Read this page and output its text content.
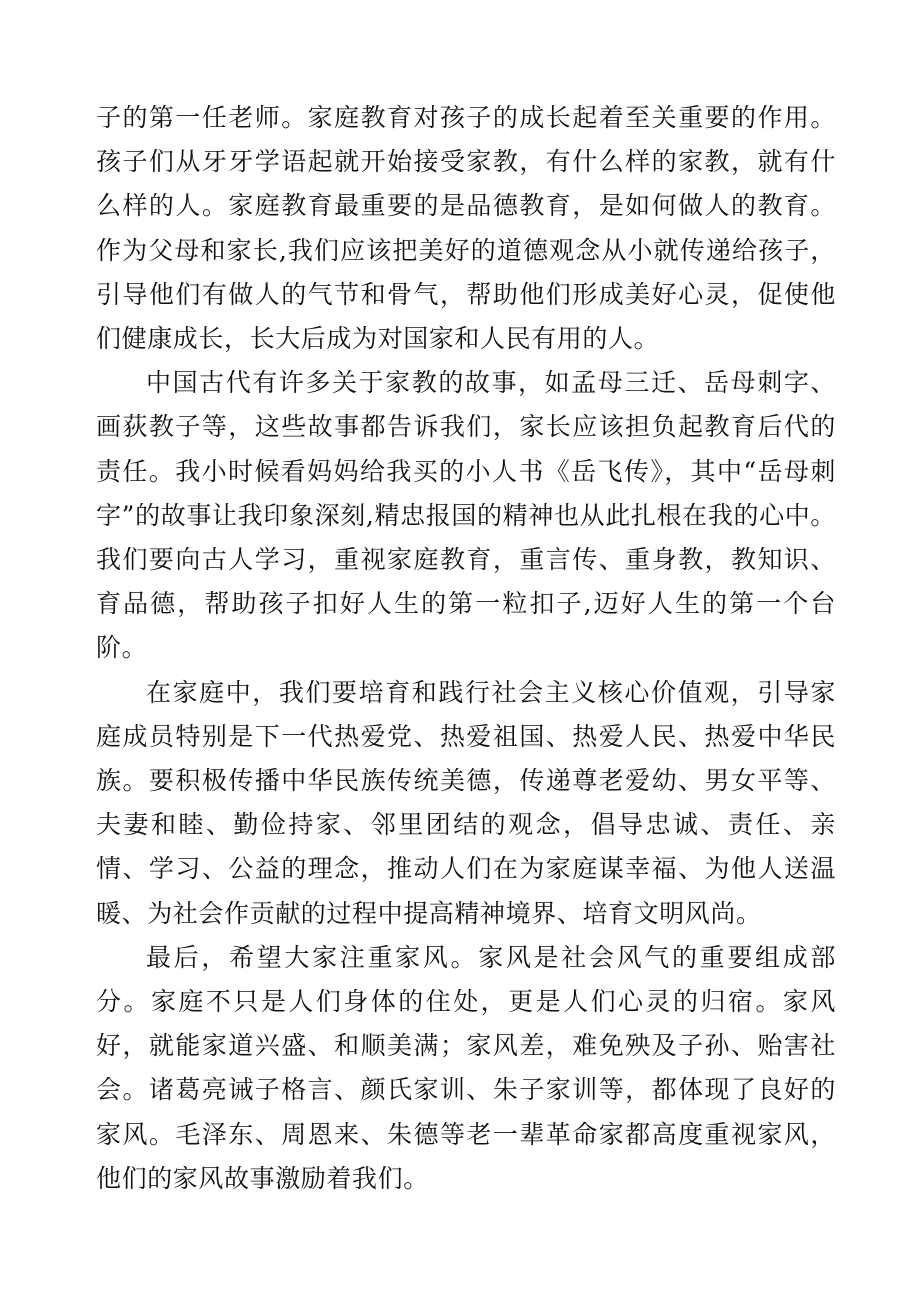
子的第一任老师。家庭教育对孩子的成长起着至关重要的作用。孩子们从牙牙学语起就开始接受家教，有什么样的家教，就有什么样的人。家庭教育最重要的是品德教育，是如何做人的教育。作为父母和家长,我们应该把美好的道德观念从小就传递给孩子，引导他们有做人的气节和骨气，帮助他们形成美好心灵，促使他们健康成长，长大后成为对国家和人民有用的人。

中国古代有许多关于家教的故事，如孟母三迁、岳母刺字、画荻教子等，这些故事都告诉我们，家长应该担负起教育后代的责任。我小时候看妈妈给我买的小人书《岳飞传》，其中“岳母刺字”的故事让我印象深刻,精忠报国的精神也从此扎根在我的心中。我们要向古人学习，重视家庭教育，重言传、重身教，教知识、育品德，帮助孩子扣好人生的第一粒扣子,迈好人生的第一个台阶。

在家庭中，我们要培育和践行社会主义核心价值观，引导家庭成员特别是下一代热爱党、热爱祖国、热爱人民、热爱中华民族。要积极传播中华民族传统美德，传递尊老爱幼、男女平等、夫妻和睦、勤俭持家、邻里团结的观念，倡导忠诚、责任、亲情、学习、公益的理念，推动人们在为家庭谋幸福、为他人送温暖、为社会作贡献的过程中提高精神境界、培育文明风尚。

最后，希望大家注重家风。家风是社会风气的重要组成部分。家庭不只是人们身体的住处，更是人们心灵的归宿。家风好，就能家道兴盛、和顺美满；家风差，难免殃及子孙、贻害社会。诸葛亮诫子格言、颜氏家训、朱子家训等，都体现了良好的家风。毛泽东、周恩来、朱德等老一辈革命家都高度重视家风，他们的家风故事激励着我们。
